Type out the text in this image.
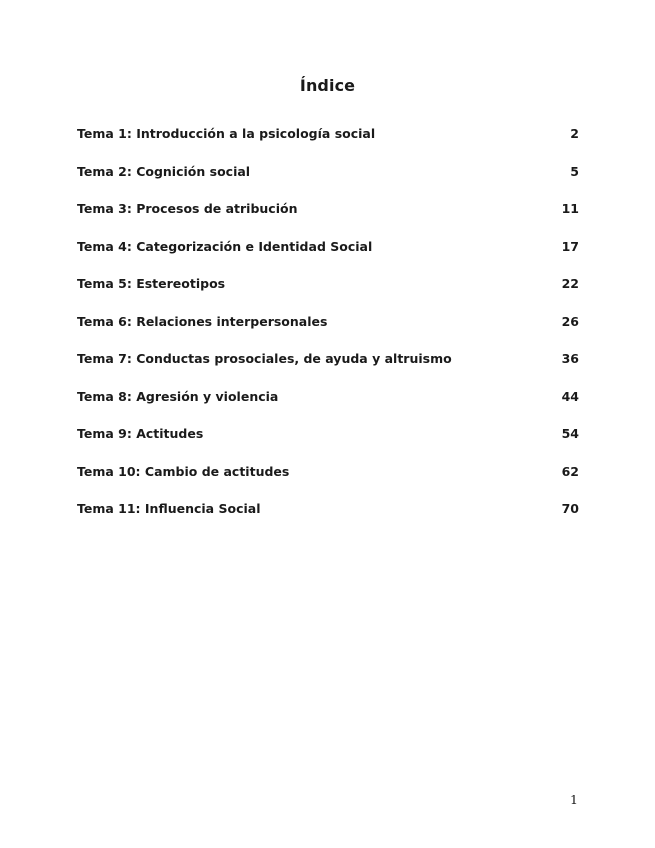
Índice
Tema 1: Introducción a la psicología social	2
Tema 2: Cognición social	5
Tema 3: Procesos de atribución	11
Tema 4: Categorización e Identidad Social	17
Tema 5: Estereotipos	22
Tema 6: Relaciones interpersonales	26
Tema 7: Conductas prosociales, de ayuda y altruismo	36
Tema 8: Agresión y violencia	44
Tema 9: Actitudes	54
Tema 10: Cambio de actitudes	62
Tema 11: Influencia Social	70
1
